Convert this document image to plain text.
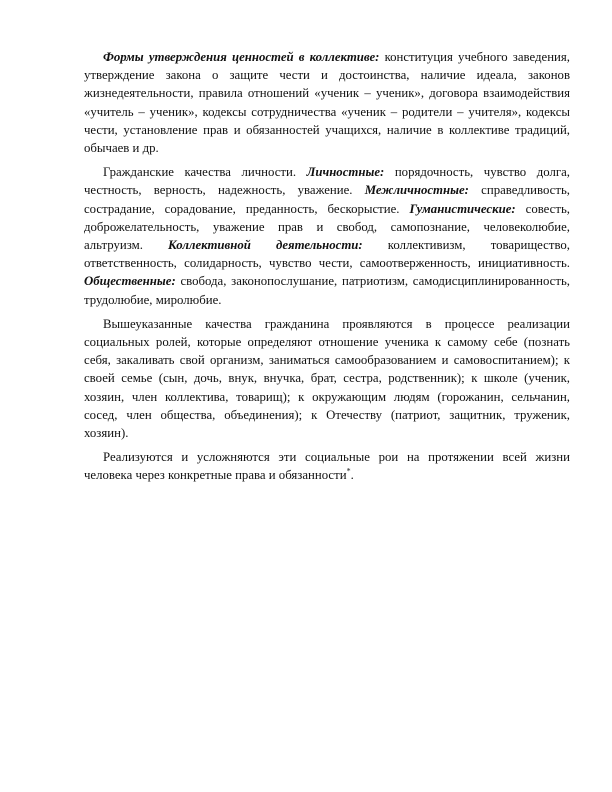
Формы утверждения ценностей в коллективе: конституция учебного заведения, утверждение закона о защите чести и достоинства, наличие идеала, законов жизнедеятельности, правила отношений «ученик – ученик», договора взаимодействия «учитель – ученик», кодексы сотрудничества «ученик – родители – учителя», кодексы чести, установление прав и обязанностей учащихся, наличие в коллективе традиций, обычаев и др.

Гражданские качества личности. Личностные: порядочность, чувство долга, честность, верность, надежность, уважение. Межличностные: справедливость, сострадание, сорадование, преданность, бескорыстие. Гуманистические: совесть, доброжелательность, уважение прав и свобод, самопознание, человеколюбие, альтруизм. Коллективной деятельности: коллективизм, товарищество, ответственность, солидарность, чувство чести, самоотверженность, инициативность. Общественные: свобода, законопослушание, патриотизм, самодисциплинированность, трудолюбие, миролюбие.

Вышеуказанные качества гражданина проявляются в процессе реализации социальных ролей, которые определяют отношение ученика к самому себе (познать себя, закаливать свой организм, заниматься самообразованием и самовоспитанием); к своей семье (сын, дочь, внук, внучка, брат, сестра, родственник); к школе (ученик, хозяин, член коллектива, товарищ); к окружающим людям (горожанин, сельчанин, сосед, член общества, объединения); к Отечеству (патриот, защитник, труженик, хозяин).

Реализуются и усложняются эти социальные рои на протяжении всей жизни человека через конкретные права и обязанности*.
